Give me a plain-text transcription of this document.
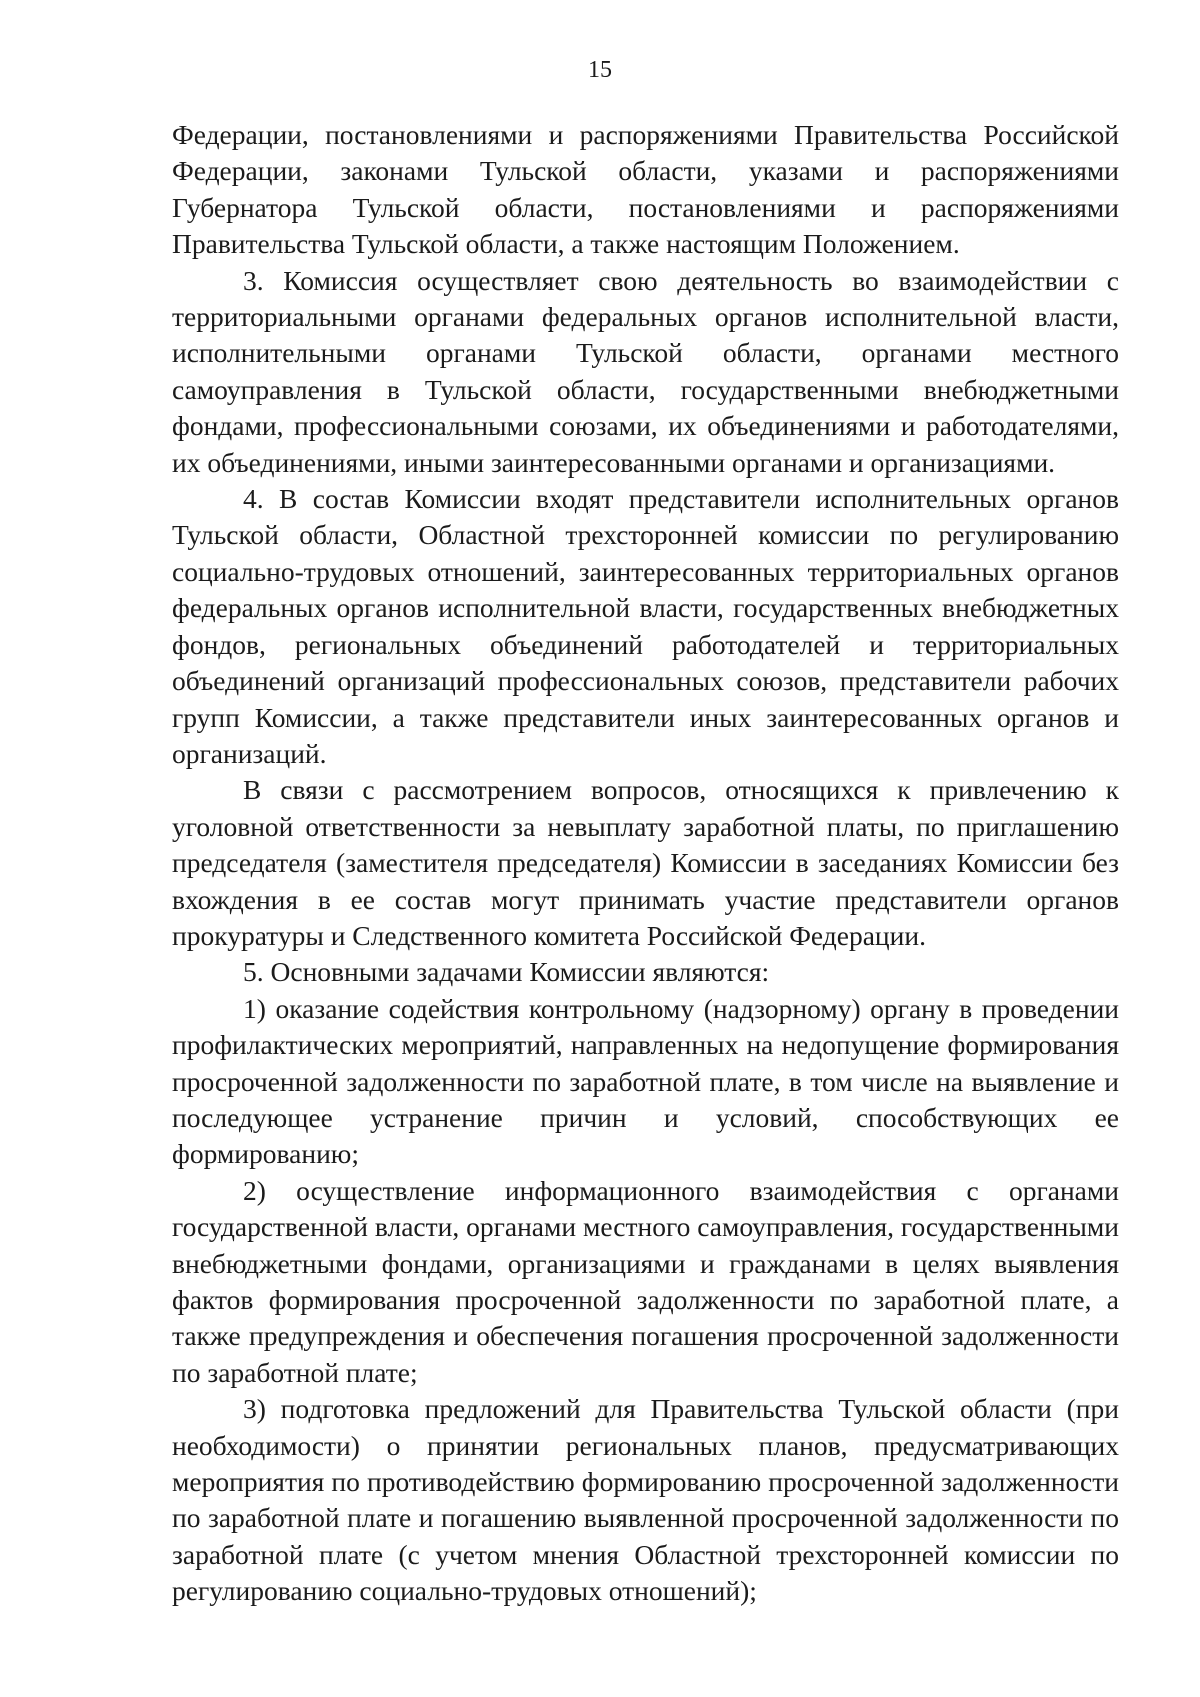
15

Федерации, постановлениями и распоряжениями Правительства Российской Федерации, законами Тульской области, указами и распоряжениями Губернатора Тульской области, постановлениями и распоряжениями Правительства Тульской области, а также настоящим Положением.

3. Комиссия осуществляет свою деятельность во взаимодействии с территориальными органами федеральных органов исполнительной власти, исполнительными органами Тульской области, органами местного самоуправления в Тульской области, государственными внебюджетными фондами, профессиональными союзами, их объединениями и работодателями, их объединениями, иными заинтересованными органами и организациями.

4. В состав Комиссии входят представители исполнительных органов Тульской области, Областной трехсторонней комиссии по регулированию социально-трудовых отношений, заинтересованных территориальных органов федеральных органов исполнительной власти, государственных внебюджетных фондов, региональных объединений работодателей и территориальных объединений организаций профессиональных союзов, представители рабочих групп Комиссии, а также представители иных заинтересованных органов и организаций.

В связи с рассмотрением вопросов, относящихся к привлечению к уголовной ответственности за невыплату заработной платы, по приглашению председателя (заместителя председателя) Комиссии в заседаниях Комиссии без вхождения в ее состав могут принимать участие представители органов прокуратуры и Следственного комитета Российской Федерации.

5. Основными задачами Комиссии являются:

1) оказание содействия контрольному (надзорному) органу в проведении профилактических мероприятий, направленных на недопущение формирования просроченной задолженности по заработной плате, в том числе на выявление и последующее устранение причин и условий, способствующих ее формированию;

2) осуществление информационного взаимодействия с органами государственной власти, органами местного самоуправления, государственными внебюджетными фондами, организациями и гражданами в целях выявления фактов формирования просроченной задолженности по заработной плате, а также предупреждения и обеспечения погашения просроченной задолженности по заработной плате;

3) подготовка предложений для Правительства Тульской области (при необходимости) о принятии региональных планов, предусматривающих мероприятия по противодействию формированию просроченной задолженности по заработной плате и погашению выявленной просроченной задолженности по заработной плате (с учетом мнения Областной трехсторонней комиссии по регулированию социально-трудовых отношений);
